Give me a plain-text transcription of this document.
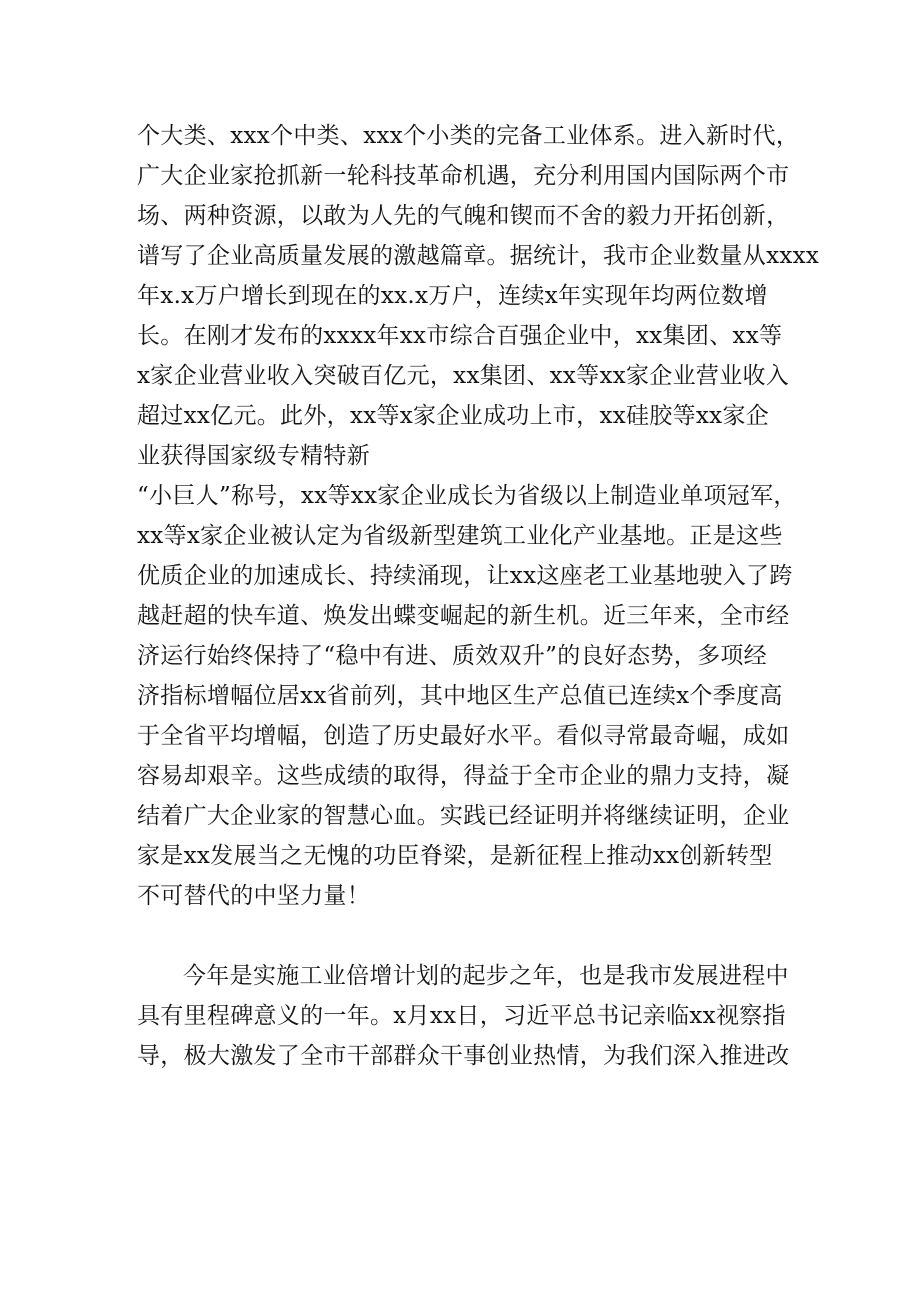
个大类、xxx个中类、xxx个小类的完备工业体系。进入新时代，
广大企业家抢抓新一轮科技革命机遇，充分利用国内国际两个市
场、两种资源，以敢为人先的气魄和锲而不舍的毅力开拓创新，
谱写了企业高质量发展的激越篇章。据统计，我市企业数量从xxxx
年x.x万户增长到现在的xx.x万户，连续x年实现年均两位数增
长。在刚才发布的xxxx年xx市综合百强企业中，xx集团、xx等
x家企业营业收入突破百亿元，xx集团、xx等xx家企业营业收入
超过xx亿元。此外，xx等x家企业成功上市，xx硅胶等xx家企
业获得国家级专精特新
“小巨人”称号，xx等xx家企业成长为省级以上制造业单项冠军，
xx等x家企业被认定为省级新型建筑工业化产业基地。正是这些
优质企业的加速成长、持续涌现，让xx这座老工业基地驶入了跨
越赶超的快车道、焕发出蝶变崛起的新生机。近三年来，全市经
济运行始终保持了“稳中有进、质效双升”的良好态势，多项经
济指标增幅位居xx省前列，其中地区生产总值已连续x个季度高
于全省平均增幅，创造了历史最好水平。看似寻常最奇崛，成如
容易却艰辛。这些成绩的取得，得益于全市企业的鼎力支持，凝
结着广大企业家的智慧心血。实践已经证明并将继续证明，企业
家是xx发展当之无愧的功臣脊梁，是新征程上推动xx创新转型
不可替代的中坚力量！
今年是实施工业倍增计划的起步之年，也是我市发展进程中
具有里程碑意义的一年。x月xx日，习近平总书记亲临xx视察指
导，极大激发了全市干部群众干事创业热情，为我们深入推进改
